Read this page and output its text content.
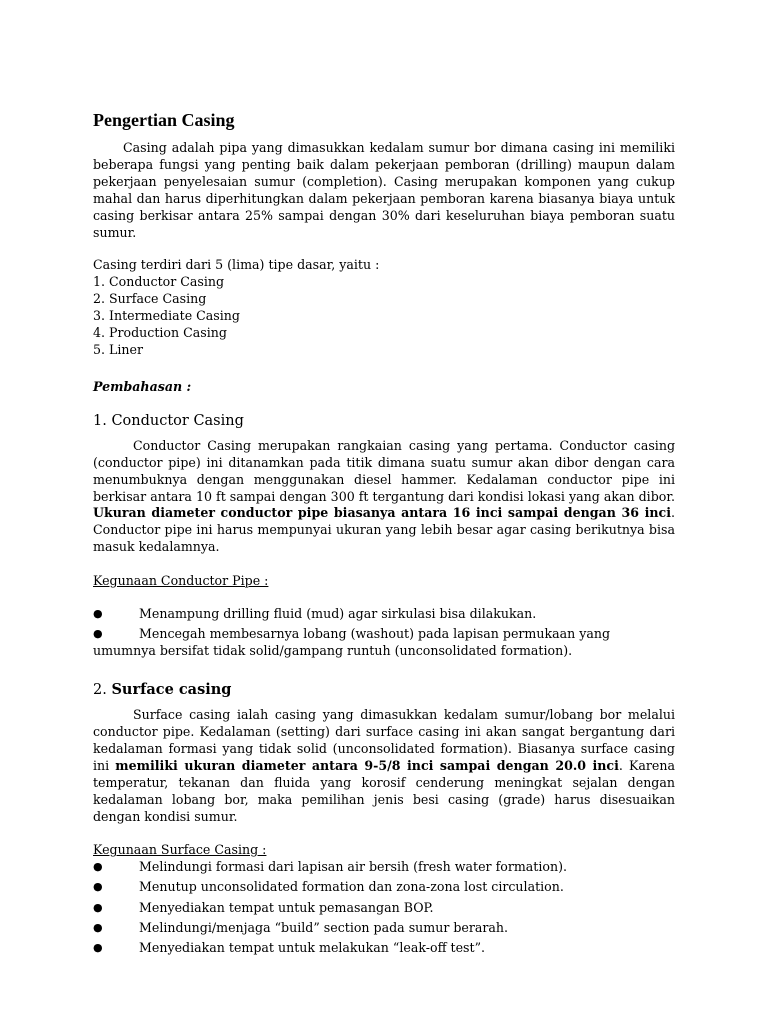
Pengertian Casing

Casing adalah pipa yang dimasukkan kedalam sumur bor dimana casing ini memiliki beberapa fungsi yang penting baik dalam pekerjaan pemboran (drilling) maupun dalam pekerjaan penyelesaian sumur (completion). Casing merupakan komponen yang cukup mahal dan harus diperhitungkan dalam pekerjaan pemboran karena biasanya biaya untuk casing berkisar antara 25% sampai dengan 30% dari keseluruhan biaya pemboran suatu sumur.

Casing terdiri dari 5 (lima) tipe dasar, yaitu :

1. Conductor Casing

2. Surface Casing

3. Intermediate Casing

4. Production Casing

5. Liner

Pembahasan :

1. Conductor Casing

Conductor Casing merupakan rangkaian casing yang pertama. Conductor casing (conductor pipe) ini ditanamkan pada titik dimana suatu sumur akan dibor dengan cara menumbuknya dengan menggunakan diesel hammer. Kedalaman conductor pipe ini berkisar antara 10 ft sampai dengan 300 ft tergantung dari kondisi lokasi yang akan dibor. Ukuran diameter conductor pipe biasanya antara 16 inci sampai dengan 36 inci. Conductor pipe ini harus mempunyai ukuran yang lebih besar agar casing berikutnya bisa masuk kedalamnya.

Kegunaan Conductor Pipe :

●	Menampung drilling fluid (mud) agar sirkulasi bisa dilakukan.
●	Mencegah membesarnya lobang (washout) pada lapisan permukaan yang umumnya bersifat tidak solid/gampang runtuh (unconsolidated formation).
2. Surface casing

Surface casing ialah casing yang dimasukkan kedalam sumur/lobang bor melalui conductor pipe. Kedalaman (setting) dari surface casing ini akan sangat bergantung dari kedalaman formasi yang tidak solid (unconsolidated formation). Biasanya surface casing ini memiliki ukuran diameter antara 9-5/8 inci sampai dengan 20.0 inci. Karena temperatur, tekanan dan fluida yang korosif cenderung meningkat sejalan dengan kedalaman lobang bor, maka pemilihan jenis besi casing (grade) harus disesuaikan dengan kondisi sumur.

Kegunaan Surface Casing :

●	Melindungi formasi dari lapisan air bersih (fresh water formation).
●	Menutup unconsolidated formation dan zona-zona lost circulation.
●	Menyediakan tempat untuk pemasangan BOP.
●	Melindungi/menjaga “build” section pada sumur berarah.
●	Menyediakan tempat untuk melakukan “leak-off test”.
